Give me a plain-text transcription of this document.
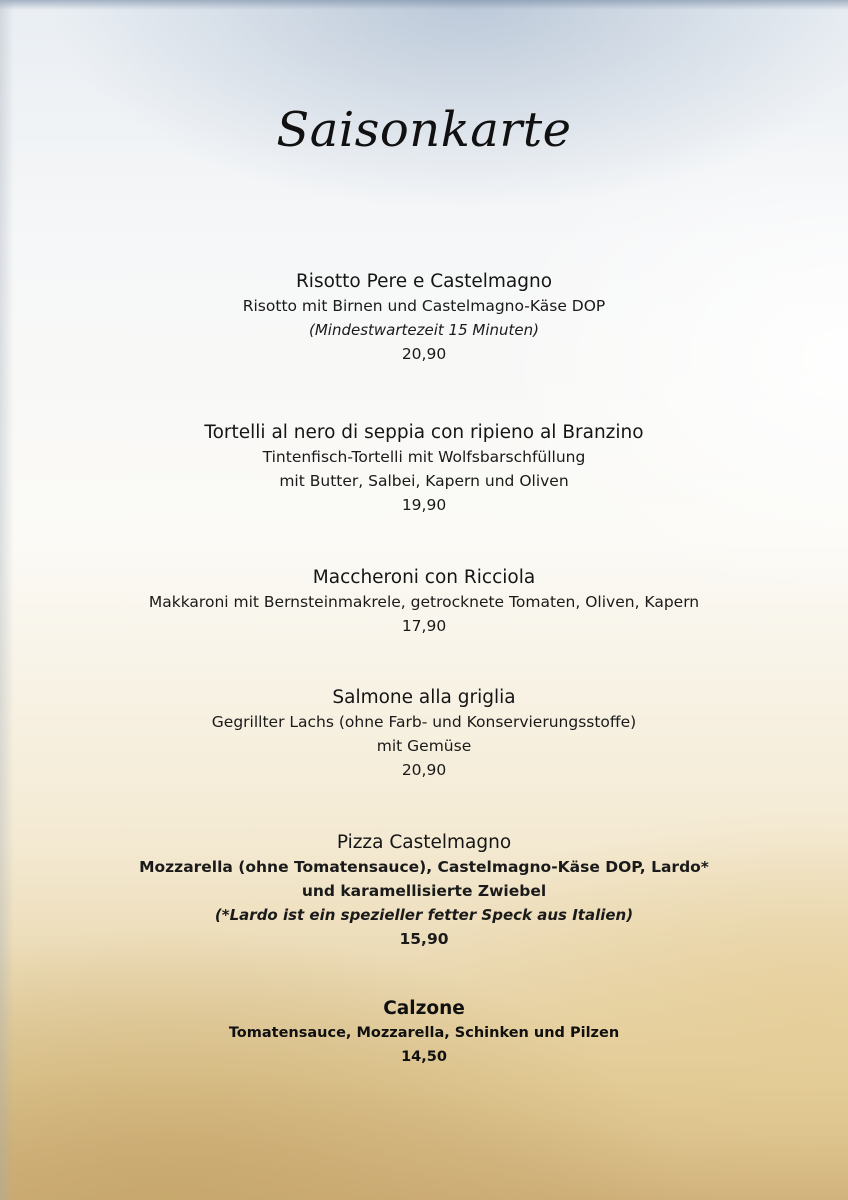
Saisonkarte
Risotto Pere e Castelmagno
Risotto mit Birnen und Castelmagno-Käse DOP
(Mindestwartezeit 15 Minuten)
20,90
Tortelli al nero di seppia con ripieno al Branzino
Tintenfisch-Tortelli mit Wolfsbarschfüllung
mit Butter, Salbei, Kapern und Oliven
19,90
Maccheroni con Ricciola
Makkaroni mit Bernsteinmakrele, getrocknete Tomaten, Oliven, Kapern
17,90
Salmone alla griglia
Gegrillter Lachs (ohne Farb- und Konservierungsstoffe)
mit Gemüse
20,90
Pizza Castelmagno
Mozzarella (ohne Tomatensauce), Castelmagno-Käse DOP, Lardo*
und karamellisierte Zwiebel
(*Lardo ist ein spezieller fetter Speck aus Italien)
15,90
Calzone
Tomatensauce, Mozzarella, Schinken und Pilzen
14,50
